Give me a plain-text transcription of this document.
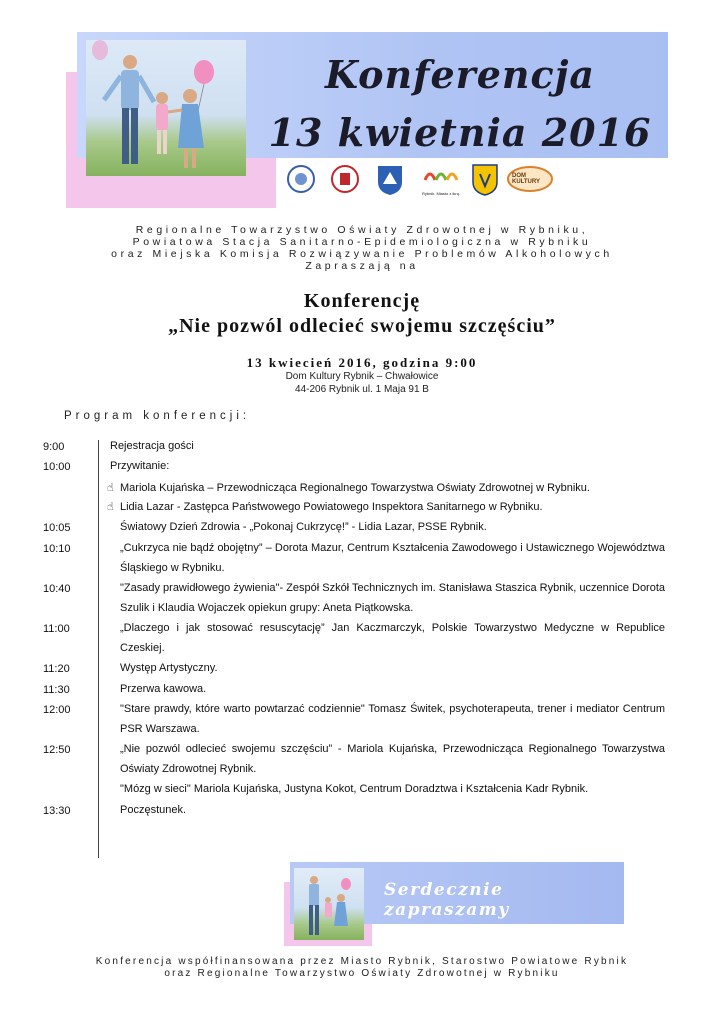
Konferencja
13 kwietnia 2016
Rybnik. Miasto z ikrą.
DOM KULTURY
Regionalne Towarzystwo Oświaty Zdrowotnej w Rybniku,
Powiatowa Stacja Sanitarno-Epidemiologiczna w Rybniku
oraz Miejska Komisja Rozwiązywanie Problemów Alkoholowych
Zapraszają na
Konferencję
„Nie pozwól odlecieć swojemu szczęściu”
13 kwiecień 2016, godzina 9:00
Dom Kultury Rybnik – Chwałowice
44-206 Rybnik ul. 1 Maja 91 B
Program konferencji:
9:00	Rejestracja gości
10:00	Przywitanie:
☝ Mariola Kujańska – Przewodnicząca Regionalnego Towarzystwa Oświaty Zdrowotnej w Rybniku.
☝ Lidia Lazar - Zastępca Państwowego Powiatowego Inspektora Sanitarnego w Rybniku.
10:05	Światowy Dzień Zdrowia - „Pokonaj Cukrzycę!” - Lidia Lazar, PSSE Rybnik.
10:10	„Cukrzyca nie bądź obojętny” – Dorota Mazur, Centrum Kształcenia Zawodowego i Ustawicznego Województwa Śląskiego w Rybniku.
10:40	"Zasady prawidłowego żywienia"- Zespół Szkół Technicznych im. Stanisława Staszica Rybnik, uczennice Dorota Szulik i Klaudia Wojaczek opiekun grupy: Aneta Piątkowska.
11:00	„Dlaczego i jak stosować resuscytację” Jan Kaczmarczyk, Polskie Towarzystwo Medyczne w Republice Czeskiej.
11:20	Występ Artystyczny.
11:30	Przerwa kawowa.
12:00	"Stare prawdy, które warto powtarzać codziennie" Tomasz Świtek, psychoterapeuta, trener i mediator Centrum PSR Warszawa.
12:50	„Nie pozwól odlecieć swojemu szczęściu” - Mariola Kujańska, Przewodnicząca Regionalnego Towarzystwa Oświaty Zdrowotnej Rybnik.
"Mózg w sieci" Mariola Kujańska, Justyna Kokot, Centrum Doradztwa i Kształcenia Kadr Rybnik.
13:30	Poczęstunek.
Serdecznie zapraszamy
Konferencja współfinansowana przez Miasto Rybnik, Starostwo Powiatowe Rybnik
oraz Regionalne Towarzystwo Oświaty Zdrowotnej w Rybniku
